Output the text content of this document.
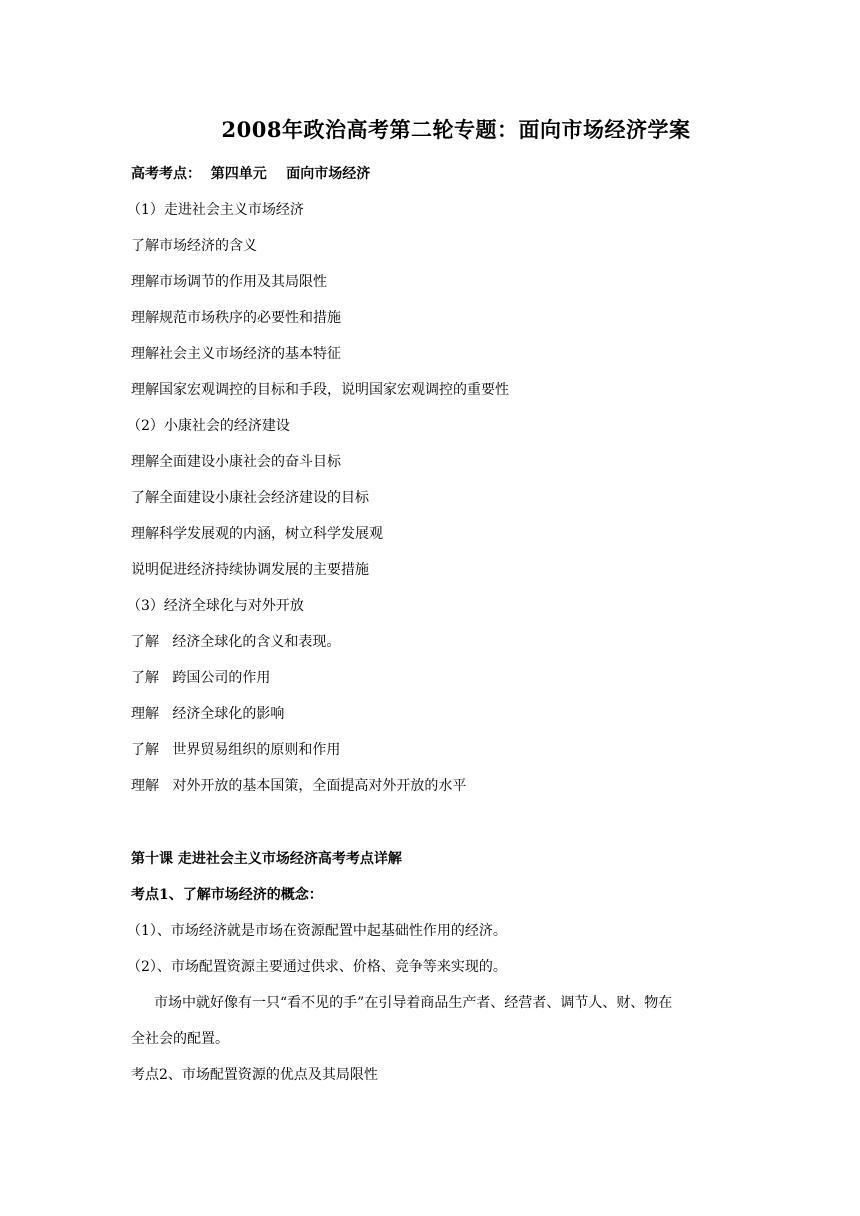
2008年政治高考第二轮专题：面向市场经济学案
高考考点：  第四单元    面向市场经济
（1）走进社会主义市场经济
了解市场经济的含义
理解市场调节的作用及其局限性
理解规范市场秩序的必要性和措施
理解社会主义市场经济的基本特征
理解国家宏观调控的目标和手段，说明国家宏观调控的重要性
（2）小康社会的经济建设
理解全面建设小康社会的奋斗目标
了解全面建设小康社会经济建设的目标
理解科学发展观的内涵，树立科学发展观
说明促进经济持续协调发展的主要措施
（3）经济全球化与对外开放
了解   经济全球化的含义和表现。
了解   跨国公司的作用
理解   经济全球化的影响
了解   世界贸易组织的原则和作用
理解   对外开放的基本国策，全面提高对外开放的水平
第十课 走进社会主义市场经济高考考点详解
考点1、了解市场经济的概念：
（1）、市场经济就是市场在资源配置中起基础性作用的经济。
（2）、市场配置资源主要通过供求、价格、竞争等来实现的。
市场中就好像有一只“看不见的手”在引导着商品生产者、经营者、调节人、财、物在
全社会的配置。
考点2、市场配置资源的优点及其局限性
